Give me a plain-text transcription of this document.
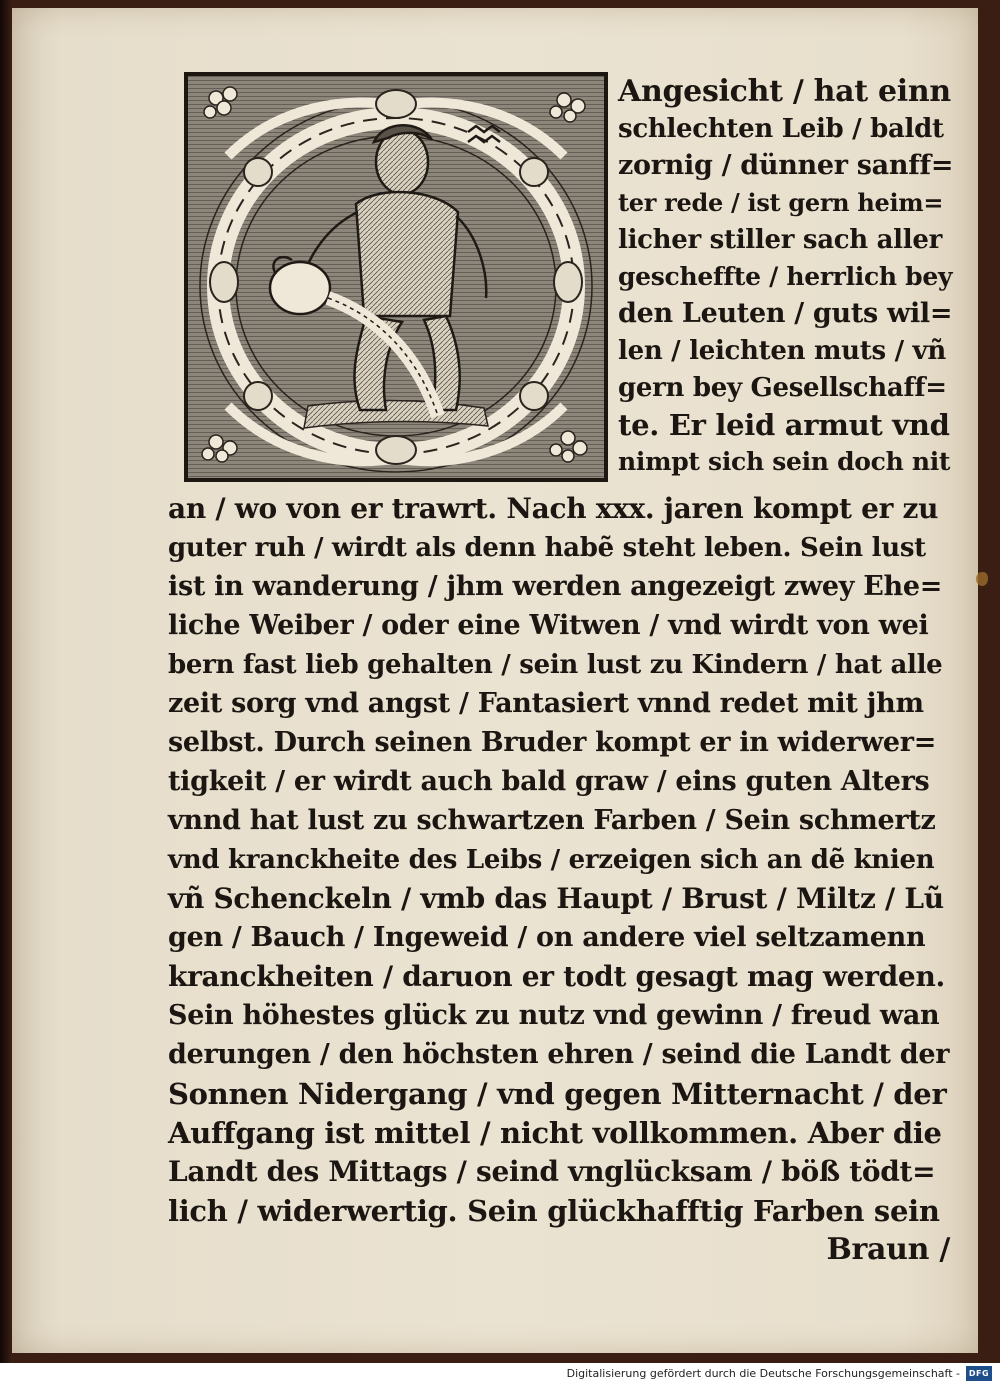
Angesicht / hat einn

schlechten Leib / baldt

zornig / dünner sanff=

ter rede / ist gern heim=

licher stiller sach aller

gescheffte / herrlich bey

den Leuten / guts wil=

len / leichten muts / vñ

gern bey Gesellschaff=

te. Er leid armut vnd

nimpt sich sein doch nit

an / wo von er trawrt. Nach xxx. jaren kompt er zu

guter ruh / wirdt als denn habẽ steht leben. Sein lust

ist in wanderung / jhm werden angezeigt zwey Ehe=

liche Weiber / oder eine Witwen / vnd wirdt von wei

bern fast lieb gehalten / sein lust zu Kindern / hat alle

zeit sorg vnd angst / Fantasiert vnnd redet mit jhm

selbst. Durch seinen Bruder kompt er in widerwer=

tigkeit / er wirdt auch bald graw / eins guten Alters

vnnd hat lust zu schwartzen Farben / Sein schmertz

vnd kranckheite des Leibs / erzeigen sich an dẽ knien

vñ Schenckeln / vmb das Haupt / Brust / Miltz / Lũ

gen / Bauch / Ingeweid / on andere viel seltzamenn

kranckheiten / daruon er todt gesagt mag werden.

Sein höhestes glück zu nutz vnd gewinn / freud wan

derungen / den höchsten ehren / seind die Landt der

Sonnen Nidergang / vnd gegen Mitternacht / der

Auffgang ist mittel / nicht vollkommen. Aber die

Landt des Mittags / seind vnglücksam / böß tödt=

lich / widerwertig. Sein glückhafftig Farben sein

Braun /

Digitalisierung gefördert durch die Deutsche Forschungsgemeinschaft -	DFG
